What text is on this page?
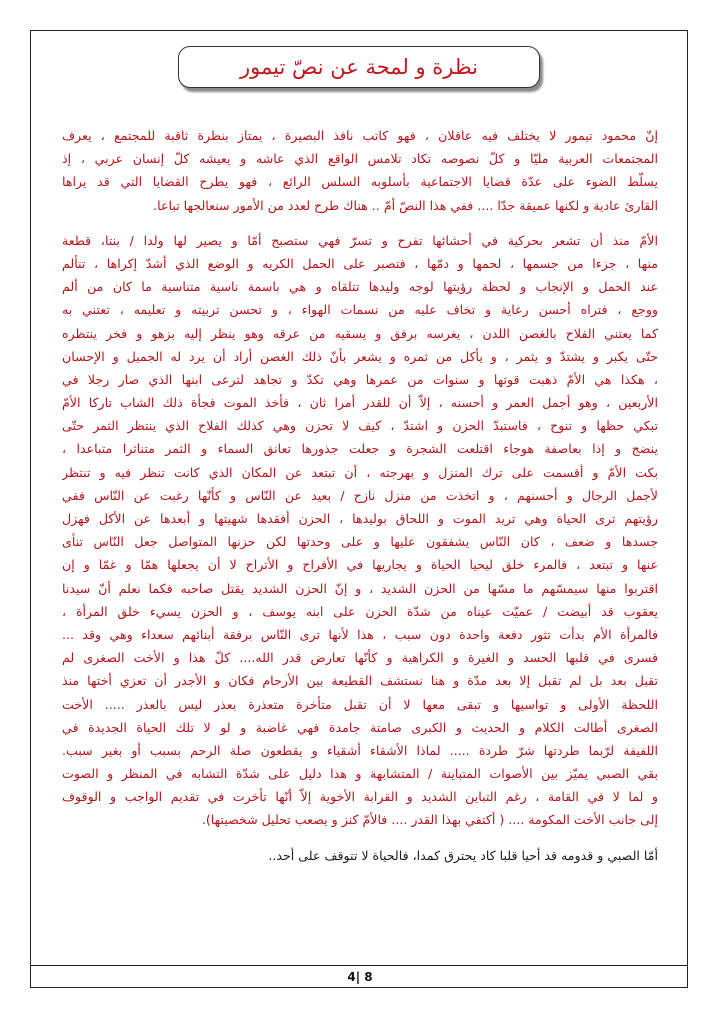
نظرة و لمحة عن نصّ تيمور
إنّ محمود تيمور لا يختلف فيه عاقلان ، فهو كاتب نافذ البصيرة ، يمتاز بنظرة ثاقبة للمجتمع ، يعرف
المجتمعات العربية مليّا و كلّ نصوصه تكاد تلامس الواقع الذي عاشه و يعيشه كلّ إنسان عربي ، إذ
يسلّط الضوء على عدّة قضايا الاجتماعية بأسلوبه السلس الرائع ، فهو يطرح القضايا التي قد يراها
القارئ عادية و لكنها عميقة جدّا .... ففي هذا النصّ أمّ .. هناك طرح لعدد من الأمور سنعالجها تباعا.
الأمّ منذ أن تشعر بحركية في أحشائها تفرح و تسرّ فهي ستصبح أمّا و يصير لها ولدا / بنتا، قطعة
منها ، جزءا من جسمها ، لحمها و دمّها ، فتصبر على الحمل الكريه و الوضع الذي أشدّ إكراها ، تتألم
عند الحمل و الإنجاب و لحظة رؤيتها لوجه وليدها تتلقاه و هي باسمة ناسية متناسية ما كان من ألم
ووجع ، فتراه أحسن رعاية و تخاف عليه من نسمات الهواء ، و تحسن تربيته و تعليمه ، تعتني به
كما يعتني الفلاح بالغصن اللدن ، يغرسه برفق و يسقيه من عرقه وهو ينظر إليه بزهو و فخر ينتظره
حتّى يكبر و يشتدّ و يثمر ، و يأكل من ثمره و يشعر بأنّ ذلك الغصن أراد أن يرد له الجميل و الإحسان
، هكذا هي الأمّ ذهبت قوتها و سنوات من عمرها وهي تكدّ و تجاهد لترعى ابنها الذي صار رجلا في
الأربعين ، وهو أجمل العمر و أحسنه ، إلاّ أن للقدر أمرا ثان ، فأخذ الموت فجأة ذلك الشاب تاركا الأمّ
تبكي حظها و تنوح ، فاستبدّ الحزن و اشتدّ ، كيف لا تحزن وهي كذلك الفلاح الذي ينتظر الثمر حتّى
ينضج و إذا بعاصفة هوجاء اقتلعت الشجرة و جعلت جذورها تعانق السماء و الثمر متناثرا متباعدا ،
بكت الأمّ و أقسمت على ترك المنزل و بهرجته ، أن تبتعد عن المكان الذي كانت تنظر فيه و تنتظر
لأجمل الرجال و أحسنهم ، و اتخذت من منزل نازح / بعيد عن النّاس و كأنّها رغبت عن النّاس ففي
رؤيتهم ترى الحياة وهي تريد الموت و اللحاق بوليدها ، الحزن أفقدها شهيتها و أبعدها عن الأكل فهزل
جسدها و ضعف ، كان النّاس يشفقون عليها و على وحدتها لكن حزنها المتواصل جعل النّاس تنأى
عنها و تبتعد ، فالمرء خلق ليحيا الحياة و يجاريها في الأفراح و الأتراح لا أن يجعلها همّا و غمّا و إن
اقتربوا منها سيمسّهم ما مسّها من الحزن الشديد ، و إنّ الحزن الشديد يقتل صاحبه فكما نعلم أنّ سيدنا
يعقوب قد أبيضت / عميّت عيناه من شدّة الحزن على ابنه يوسف ، و الحزن يسيء خلق المرأة ،
فالمرأة الأم بدأت تثور دفعة واحدة دون سبب ، هذا لأنها ترى النّاس برفقة أبنائهم سعداء وهي وقد ...
فسرى في قلبها الحسد و الغيرة و الكراهية و كأنّها تعارض قدر الله.... كلّ هذا و الأخت الصغرى لم
تقبل بعد بل لم تقبل إلا بعد مدّة و هنا نستشف القطيعة بين الأرحام فكان و الأجدر أن تعزي أختها منذ
اللحظة الأولى و تواسيها و تبقى معها لا أن تقبل متأخرة متعذرة بعذر ليس بالعذر ..... الأخت
الصغرى أطالت الكلام و الحديث و الكبرى صامتة جامدة فهي غاضبة و لو لا تلك الحياة الجديدة في
اللفيفة لرّبما طردتها شرّ طردة ..... لماذا الأشقاء أشقياء و يقطعون صلة الرحم بسبب أو بغير سبب.
بقي الصبي يميّز بين الأصوات المتباينة / المتشابهة و هذا دليل على شدّة التشابه في المنظر و الصوت
و لما لا في القامة ، رغم التباين الشديد و القرابة الأخوية إلاّ أنّها تأخرت في تقديم الواجب و الوقوف
إلى جانب الأخت المكومة .... ( أكتفي بهذا القدر .... فالأمّ كنز و يصعب تحليل شخصيتها).
أمّا الصبي و قدومه قد أحيا قلبا كاد يحترق كمدا، فالحياة لا تتوقف على أحد..
4| 8
